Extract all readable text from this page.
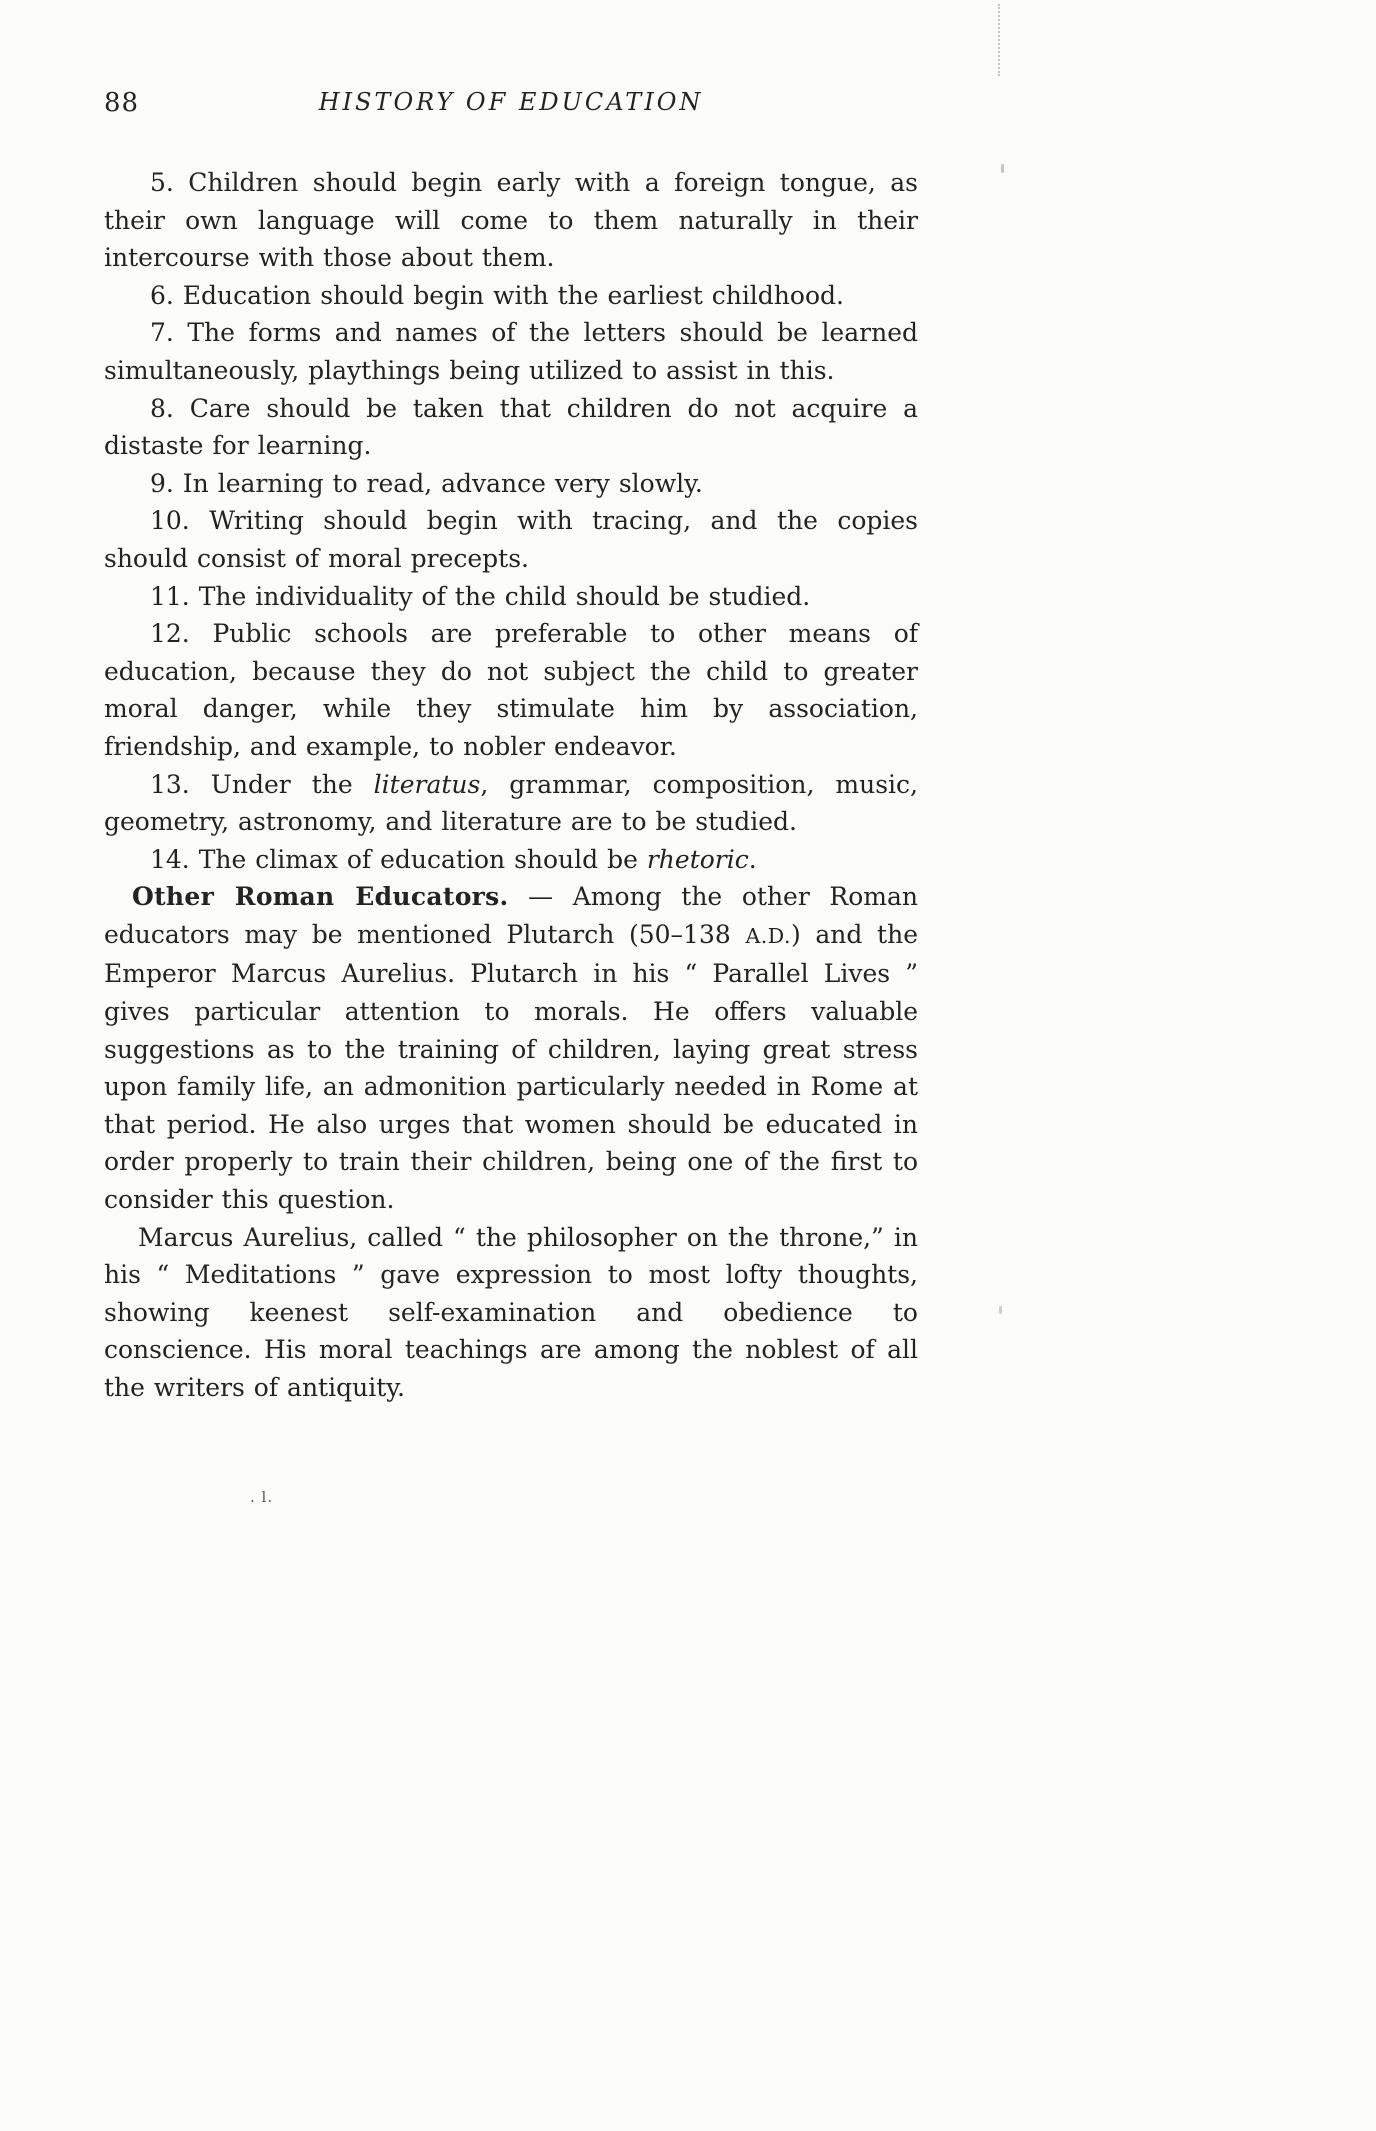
88	HISTORY OF EDUCATION

5. Children should begin early with a foreign tongue, as their own language will come to them naturally in their intercourse with those about them.

6. Education should begin with the earliest childhood.

7. The forms and names of the letters should be learned simultaneously, playthings being utilized to assist in this.

8. Care should be taken that children do not acquire a distaste for learning.

9. In learning to read, advance very slowly.

10. Writing should begin with tracing, and the copies should consist of moral precepts.

11. The individuality of the child should be studied.

12. Public schools are preferable to other means of education, because they do not subject the child to greater moral danger, while they stimulate him by association, friendship, and example, to nobler endeavor.

13. Under the literatus, grammar, composition, music, geometry, astronomy, and literature are to be studied.

14. The climax of education should be rhetoric.

Other Roman Educators. — Among the other Roman educators may be mentioned Plutarch (50–138 A.D.) and the Emperor Marcus Aurelius. Plutarch in his “ Parallel Lives ” gives particular attention to morals. He offers valuable suggestions as to the training of children, laying great stress upon family life, an admonition particularly needed in Rome at that period. He also urges that women should be educated in order properly to train their children, being one of the first to consider this question.

Marcus Aurelius, called “ the philosopher on the throne,” in his “ Meditations ” gave expression to most lofty thoughts, showing keenest self-examination and obedience to conscience. His moral teachings are among the noblest of all the writers of antiquity.

. l.
